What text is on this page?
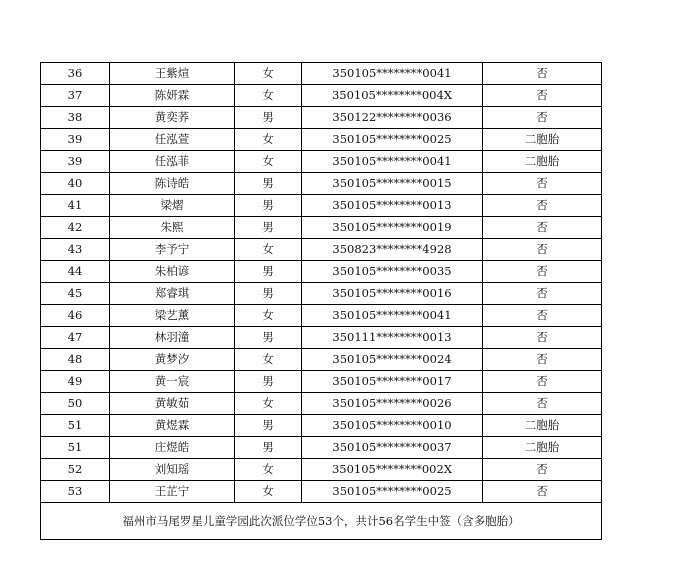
36	王紫煊	女	350105********0041	否
37	陈妍霖	女	350105********004X	否
38	黄奕荞	男	350122********0036	否
39	任泓萱	女	350105********0025	二胞胎
39	任泓菲	女	350105********0041	二胞胎
40	陈诗皓	男	350105********0015	否
41	梁熠	男	350105********0013	否
42	朱熙	男	350105********0019	否
43	李予宁	女	350823********4928	否
44	朱柏谚	男	350105********0035	否
45	郑睿琪	男	350105********0016	否
46	梁艺薰	女	350105********0041	否
47	林羽潼	男	350111********0013	否
48	黄梦汐	女	350105********0024	否
49	黄一宸	男	350105********0017	否
50	黄敏茹	女	350105********0026	否
51	黄煜霖	男	350105********0010	二胞胎
51	庄煜皓	男	350105********0037	二胞胎
52	刘知瑶	女	350105********002X	否
53	王芷宁	女	350105********0025	否
福州市马尾罗星儿童学园此次派位学位53个，共计56名学生中签（含多胞胎）				
